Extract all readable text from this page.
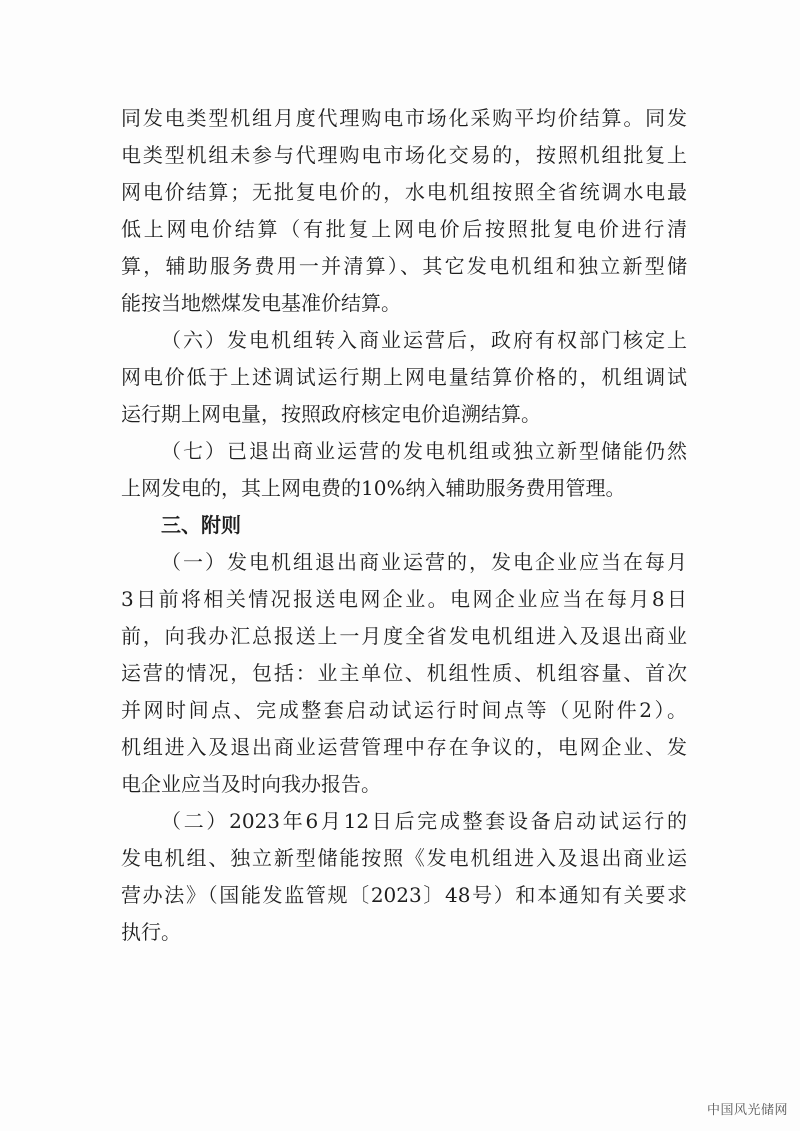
同发电类型机组月度代理购电市场化采购平均价结算。同发
电类型机组未参与代理购电市场化交易的，按照机组批复上
网电价结算；无批复电价的，水电机组按照全省统调水电最
低上网电价结算（有批复上网电价后按照批复电价进行清
算，辅助服务费用一并清算）、其它发电机组和独立新型储
能按当地燃煤发电基准价结算。
（六）发电机组转入商业运营后，政府有权部门核定上
网电价低于上述调试运行期上网电量结算价格的，机组调试
运行期上网电量，按照政府核定电价追溯结算。
（七）已退出商业运营的发电机组或独立新型储能仍然
上网发电的，其上网电费的10%纳入辅助服务费用管理。
三、附则
（一）发电机组退出商业运营的，发电企业应当在每月
3日前将相关情况报送电网企业。电网企业应当在每月8日
前，向我办汇总报送上一月度全省发电机组进入及退出商业
运营的情况，包括：业主单位、机组性质、机组容量、首次
并网时间点、完成整套启动试运行时间点等（见附件2）。
机组进入及退出商业运营管理中存在争议的，电网企业、发
电企业应当及时向我办报告。
（二）2023年6月12日后完成整套设备启动试运行的
发电机组、独立新型储能按照《发电机组进入及退出商业运
营办法》（国能发监管规〔2023〕48号）和本通知有关要求
执行。
中国风光储网
